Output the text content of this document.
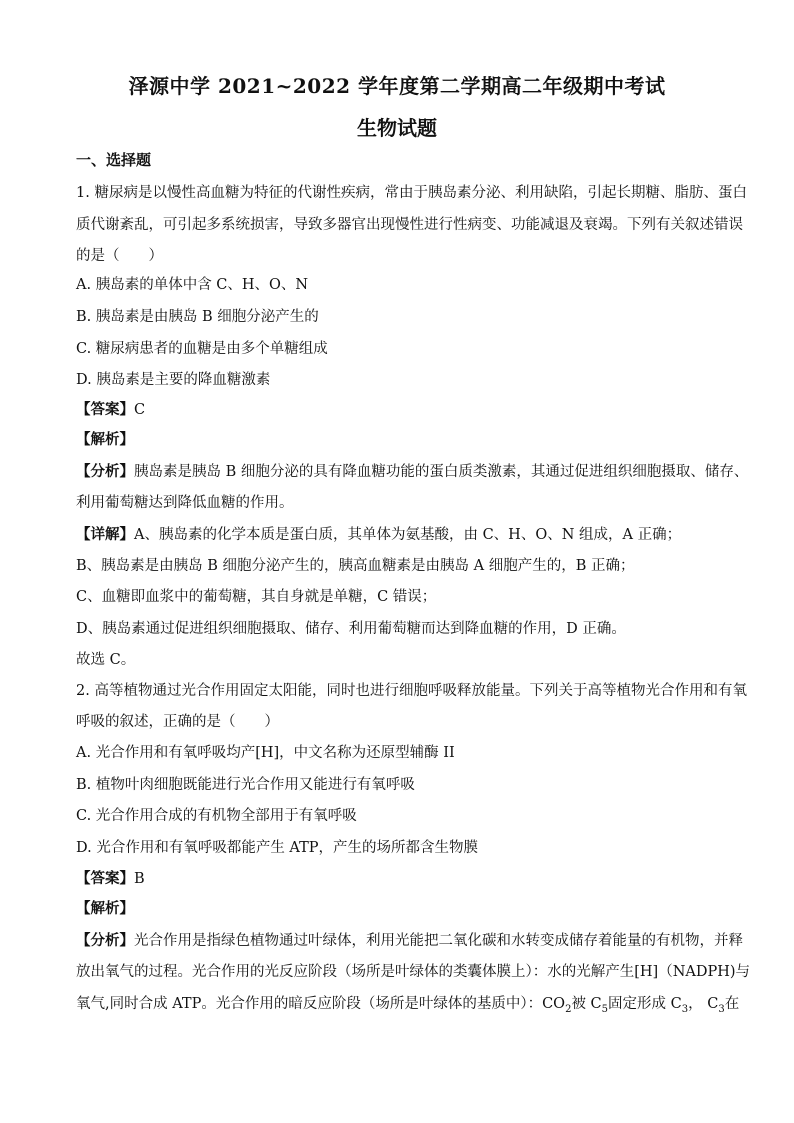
泽源中学 2021~2022 学年度第二学期高二年级期中考试
生物试题
一、选择题
1. 糖尿病是以慢性高血糖为特征的代谢性疾病，常由于胰岛素分泌、利用缺陷，引起长期糖、脂肪、蛋白
质代谢紊乱，可引起多系统损害，导致多器官出现慢性进行性病变、功能减退及衰竭。下列有关叙述错误
的是（　　）
A. 胰岛素的单体中含 C、H、O、N
B. 胰岛素是由胰岛 B 细胞分泌产生的
C. 糖尿病患者的血糖是由多个单糖组成
D. 胰岛素是主要的降血糖激素
【答案】C
【解析】
【分析】胰岛素是胰岛 B 细胞分泌的具有降血糖功能的蛋白质类激素，其通过促进组织细胞摄取、储存、
利用葡萄糖达到降低血糖的作用。
【详解】A、胰岛素的化学本质是蛋白质，其单体为氨基酸，由 C、H、O、N 组成，A 正确；
B、胰岛素是由胰岛 B 细胞分泌产生的，胰高血糖素是由胰岛 A 细胞产生的，B 正确；
C、血糖即血浆中的葡萄糖，其自身就是单糖，C 错误；
D、胰岛素通过促进组织细胞摄取、储存、利用葡萄糖而达到降血糖的作用，D 正确。
故选 C。
2. 高等植物通过光合作用固定太阳能，同时也进行细胞呼吸释放能量。下列关于高等植物光合作用和有氧
呼吸的叙述，正确的是（　　）
A. 光合作用和有氧呼吸均产[H]，中文名称为还原型辅酶 II
B. 植物叶肉细胞既能进行光合作用又能进行有氧呼吸
C. 光合作用合成的有机物全部用于有氧呼吸
D. 光合作用和有氧呼吸都能产生 ATP，产生的场所都含生物膜
【答案】B
【解析】
【分析】光合作用是指绿色植物通过叶绿体，利用光能把二氧化碳和水转变成储存着能量的有机物，并释
放出氧气的过程。光合作用的光反应阶段（场所是叶绿体的类囊体膜上）：水的光解产生[H]（NADPH)与
氧气,同时合成 ATP。光合作用的暗反应阶段（场所是叶绿体的基质中）：$CO_2$被 $C_5$固定形成 $C_3$， $C_3$在
